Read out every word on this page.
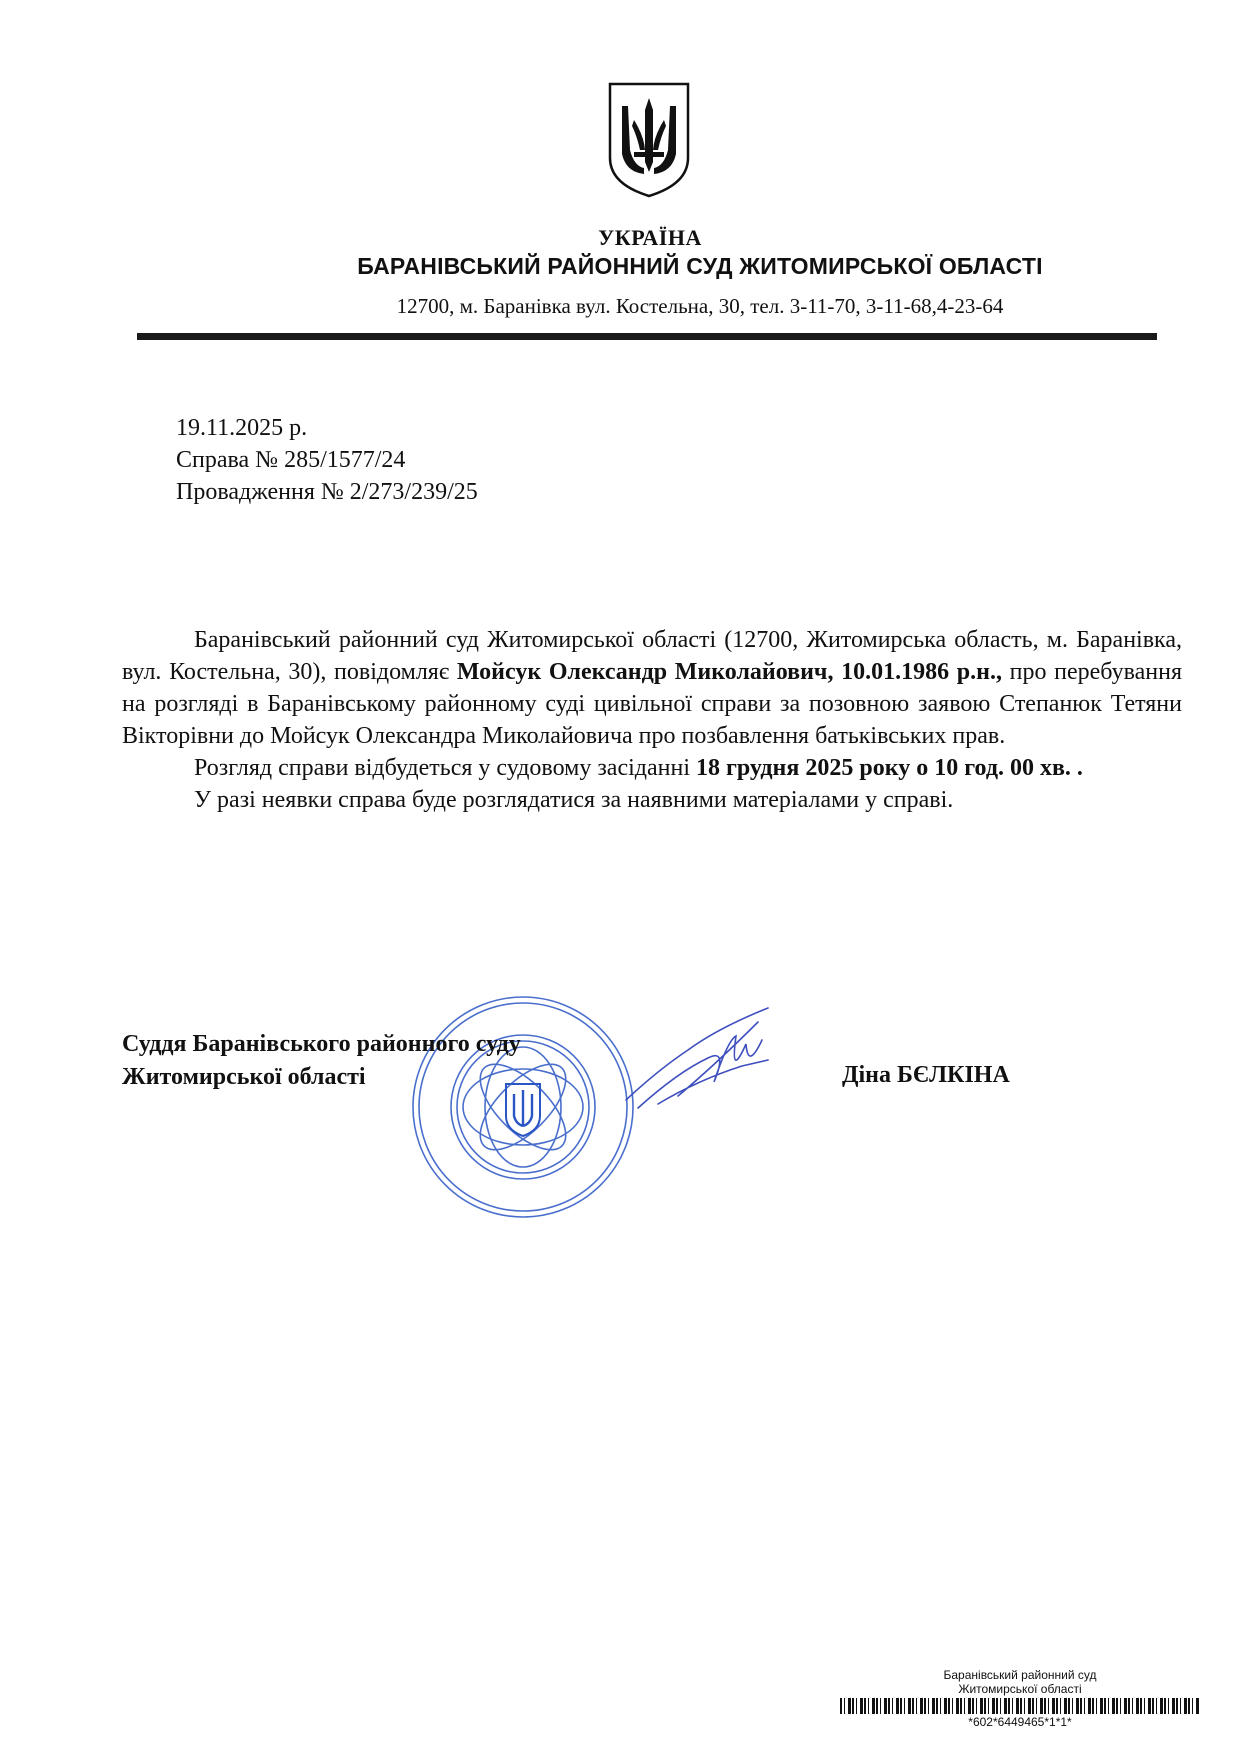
УКРАЇНА
БАРАНІВСЬКИЙ РАЙОННИЙ СУД ЖИТОМИРСЬКОЇ ОБЛАСТІ
12700, м. Баранівка вул. Костельна, 30, тел. 3-11-70, 3-11-68,4-23-64
19.11.2025 р.
Справа № 285/1577/24
Провадження № 2/273/239/25

Баранівський районний суд Житомирської області (12700, Житомирська область, м. Баранівка, вул. Костельна, 30), повідомляє Мойсук Олександр Миколайович, 10.01.1986 р.н., про перебування на розгляді в Баранівському районному суді цивільної справи за позовною заявою Степанюк Тетяни Вікторівни до Мойсук Олександра Миколайовича про позбавлення батьківських прав.

Розгляд справи відбудеться у судовому засіданні 18 грудня 2025 року о 10 год. 00 хв. .

У разі неявки справа буде розглядатися за наявними матеріалами у справі.

Суддя Баранівського районного суду
Житомирської області	Діна БЄЛКІНА
Баранівський районний суд
Житомирської області
*602*6449465*1*1*
